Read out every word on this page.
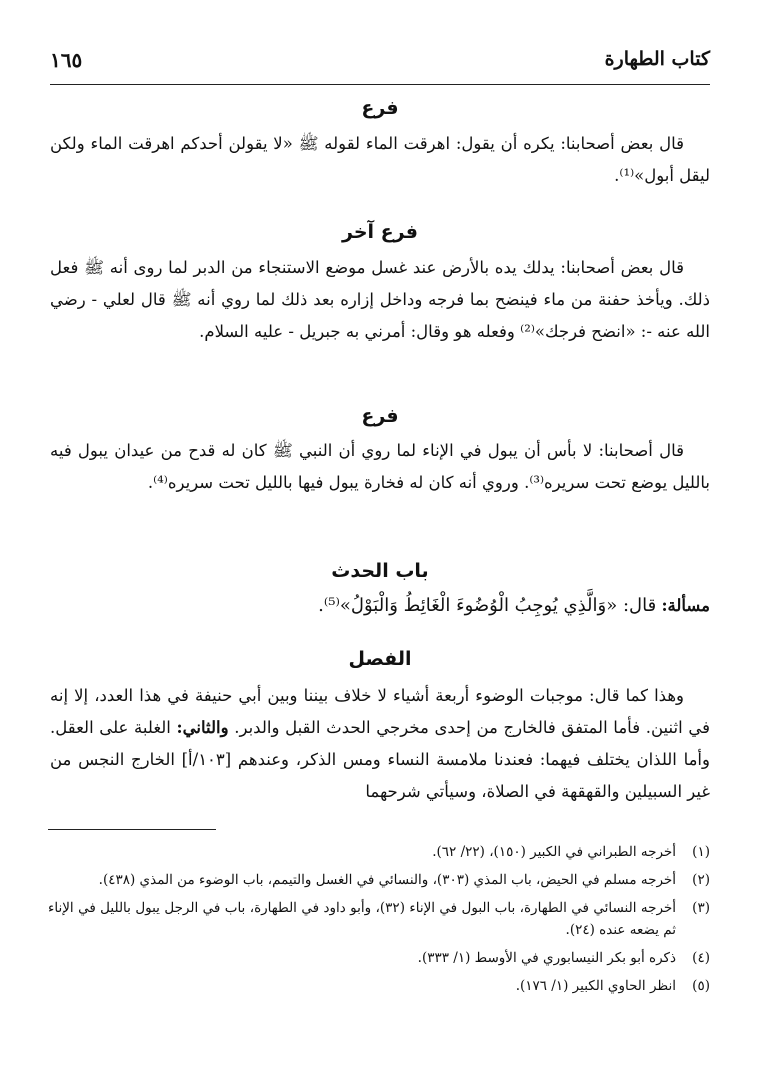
كتاب الطهارة
١٦٥
فرع
قال بعض أصحابنا: يكره أن يقول: اهرقت الماء لقوله ﷺ «لا يقولن أحدكم اهرقت الماء ولكن ليقل أبول»⁽¹⁾.
فرع آخر
قال بعض أصحابنا: يدلك يده بالأرض عند غسل موضع الاستنجاء من الدبر لما روى أنه ﷺ فعل ذلك. ويأخذ حفنة من ماء فينضح بما فرجه وداخل إزاره بعد ذلك لما روي أنه ﷺ قال لعلي - رضي الله عنه -: «انضح فرجك»⁽²⁾ وفعله هو وقال: أمرني به جبريل - عليه السلام.
فرع
قال أصحابنا: لا بأس أن يبول في الإناء لما روي أن النبي ﷺ كان له قدح من عيدان يبول فيه بالليل يوضع تحت سريره⁽³⁾. وروي أنه كان له فخارة يبول فيها بالليل تحت سريره⁽⁴⁾.
باب الحدث
مسألة: قال: «وَالَّذِي يُوجِبُ الْوُضُوءَ الْغَائِطُ وَالْبَوْلُ»⁽⁵⁾.
الفصل
وهذا كما قال: موجبات الوضوء أربعة أشياء لا خلاف بيننا وبين أبي حنيفة في هذا العدد، إلا إنه في اثنين. فأما المتفق فالخارج من إحدى مخرجي الحدث القبل والدبر. والثاني: الغلبة على العقل. وأما اللذان يختلف فيهما: فعندنا ملامسة النساء ومس الذكر، وعندهم [١٠٣/أ] الخارج النجس من غير السبيلين والقهقهة في الصلاة، وسيأتي شرحهما
(١)
أخرجه الطبراني في الكبير (١٥٠)، (٢٢/ ٦٢).
(٢)
أخرجه مسلم في الحيض، باب المذي (٣٠٣)، والنسائي في الغسل والتيمم، باب الوضوء من المذي (٤٣٨).
(٣)
أخرجه النسائي في الطهارة، باب البول في الإناء (٣٢)، وأبو داود في الطهارة، باب في الرجل يبول بالليل في الإناء ثم يضعه عنده (٢٤).
(٤)
ذكره أبو بكر النيسابوري في الأوسط (١/ ٣٣٣).
(٥)
انظر الحاوي الكبير (١/ ١٧٦).
